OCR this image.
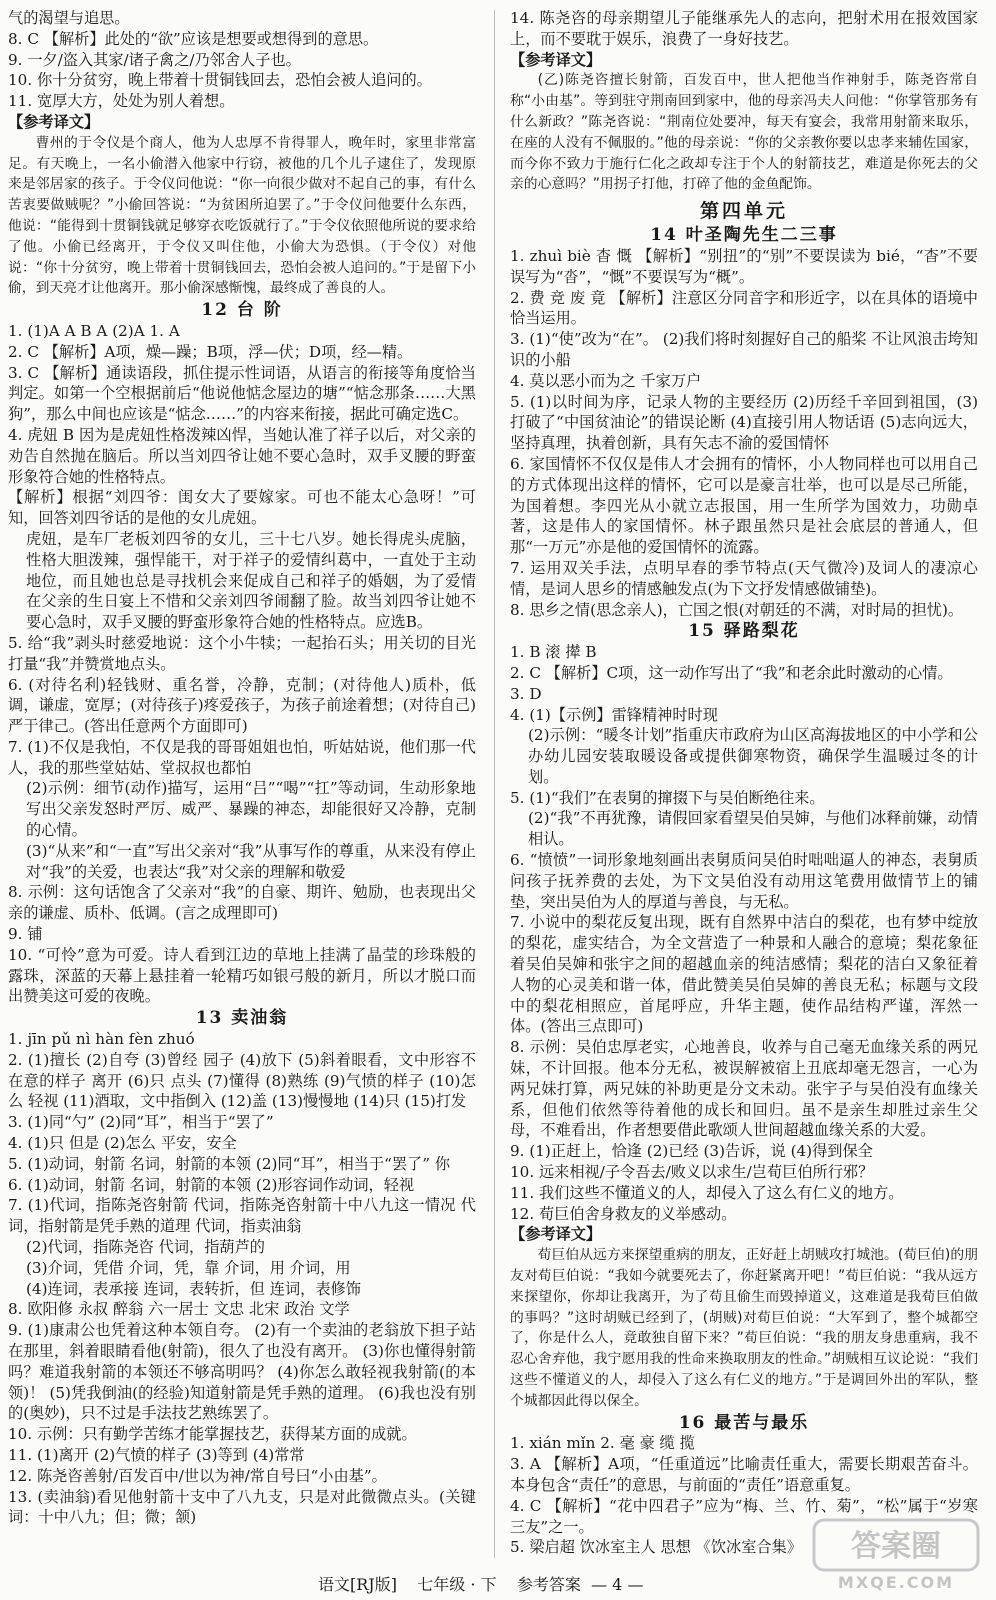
气的渴望与追思。

8. C 【解析】此处的“欲”应该是想要或想得到的意思。

9. 一夕/盗入其家/诸子禽之/乃邻舍人子也。

10. 你十分贫穷，晚上带着十贯铜钱回去，恐怕会被人追问的。

11. 宽厚大方，处处为别人着想。

【参考译文】

曹州的于令仪是个商人，他为人忠厚不肯得罪人，晚年时，家里非常富足。有天晚上，一名小偷潜入他家中行窃，被他的几个儿子逮住了，发现原来是邻居家的孩子。于令仪问他说：“你一向很少做对不起自己的事，有什么苦衷要做贼呢？”小偷回答说：“为贫困所迫罢了。”于令仪问他要什么东西，他说：“能得到十贯铜钱就足够穿衣吃饭就行了。”于令仪依照他所说的要求给了他。小偷已经离开，于令仪又叫住他，小偷大为恐惧。（于令仪）对他说：“你十分贫穷，晚上带着十贯铜钱回去，恐怕会被人追问的。”于是留下小偷，到天亮才让他离开。那小偷深感惭愧，最终成了善良的人。

12 台 阶

1. (1)A A B A (2)A 1. A

2. C 【解析】A项，燥—躁；B项，浮—伏；D项，经—精。

3. C 【解析】通读语段，抓住提示性词语，从语言的衔接等角度恰当判定。如第一个空根据前后“他说他惦念屋边的塘”“惦念那条……大黑狗”，那么中间也应该是“惦念……”的内容来衔接，据此可确定选C。

4. 虎妞 B 因为是虎妞性格泼辣凶悍，当她认准了祥子以后，对父亲的劝告自然抛在脑后。所以当刘四爷让她不要心急时，双手叉腰的野蛮形象符合她的性格特点。

【解析】根据“刘四爷：闺女大了要嫁家。可也不能太心急呀！”可知，回答刘四爷话的是他的女儿虎妞。

虎妞，是车厂老板刘四爷的女儿，三十七八岁。她长得虎头虎脑，性格大胆泼辣，强悍能干，对于祥子的爱情纠葛中，一直处于主动地位，而且她也总是寻找机会来促成自己和祥子的婚姻，为了爱情在父亲的生日宴上不惜和父亲刘四爷闹翻了脸。故当刘四爷让她不要心急时，双手叉腰的野蛮形象符合她的性格特点。应选B。

5. 给“我”剥头时慈爱地说：这个小牛犊；一起抬石头；用关切的目光打量“我”并赞赏地点头。

6. (对待名利)轻钱财、重名誉，冷静，克制；(对待他人)质朴，低调，谦虚，宽厚；(对待孩子)疼爱孩子，为孩子前途着想；(对待自己)严于律己。(答出任意两个方面即可)

7. (1)不仅是我怕，不仅是我的哥哥姐姐也怕，听姑姑说，他们那一代人，我的那些堂姑姑、堂叔叔也都怕

(2)示例：细节(动作)描写，运用“吕”“喝”“扛”等动词，生动形象地写出父亲发怒时严厉、威严、暴躁的神态，却能很好又冷静，克制的心情。

(3)“从来”和“一直”写出父亲对“我”从事写作的尊重，从来没有停止对“我”的关爱，也表达“我”对父亲的理解和敬爱

8. 示例：这句话饱含了父亲对“我”的自豪、期许、勉励，也表现出父亲的谦虚、质朴、低调。(言之成理即可)

9. 铺

10. “可怜”意为可爱。诗人看到江边的草地上挂满了晶莹的珍珠般的露珠，深蓝的天幕上悬挂着一轮精巧如银弓般的新月，所以才脱口而出赞美这可爱的夜晚。

13 卖油翁

1. jīn pǔ nì hàn fèn zhuó

2. (1)擅长 (2)自夸 (3)曾经 园子 (4)放下 (5)斜着眼看，文中形容不在意的样子 离开 (6)只 点头 (7)懂得 (8)熟练 (9)气愤的样子 (10)怎么 轻视 (11)酒取，文中指倒入 (12)盖 (13)慢慢地 (14)只 (15)打发

3. (1)同“勺” (2)同“耳”，相当于“罢了”

4. (1)只 但是 (2)怎么 平安，安全

5. (1)动词，射箭 名词，射箭的本领 (2)同“耳”，相当于“罢了” 你

6. (1)动词，射箭 名词，射箭的本领 (2)形容词作动词，轻视

7. (1)代词，指陈尧咨射箭 代词，指陈尧咨射箭十中八九这一情况 代词，指射箭是凭手熟的道理 代词，指卖油翁

(2)代词，指陈尧咨 代词，指葫芦的

(3)介词，凭借 介词，凭，靠 介词，用 介词，用

(4)连词，表承接 连词，表转折，但 连词，表修饰

8. 欧阳修 永叔 醉翁 六一居士 文忠 北宋 政治 文学

9. (1)康肃公也凭着这种本领自夸。 (2)有一个卖油的老翁放下担子站在那里，斜着眼睛看他(射箭)，很久了也没有离开。 (3)你也懂得射箭吗？难道我射箭的本领还不够高明吗？ (4)你怎么敢轻视我射箭(的本领)！ (5)凭我倒油(的经验)知道射箭是凭手熟的道理。 (6)我也没有别的(奥妙)，只不过是手法技艺熟练罢了。

10. 示例：只有勤学苦练才能掌握技艺，获得某方面的成就。

11. (1)离开 (2)气愤的样子 (3)等到 (4)常常

12. 陈尧咨善射/百发百中/世以为神/常自号曰“小由基”。

13. (卖油翁)看见他射箭十支中了八九支，只是对此微微点头。(关键词：十中八九；但；微；颔)

14. 陈尧咨的母亲期望儿子能继承先人的志向，把射术用在报效国家上，而不要耽于娱乐，浪费了一身好技艺。

【参考译文】

(乙)陈尧咨擅长射箭，百发百中，世人把他当作神射手，陈尧咨常自称“小由基”。等到驻守荆南回到家中，他的母亲冯夫人问他：“你掌管那务有什么新政？”陈尧咨说：“荆南位处要冲，每天有宴会，我常用射箭来取乐，在座的人没有不佩服的。”他的母亲说：“你的父亲教你要以忠孝来辅佐国家，而今你不致力于施行仁化之政却专注于个人的射箭技艺，难道是你死去的父亲的心意吗？”用拐子打他，打碎了他的金鱼配饰。

第四单元
14 叶圣陶先生二三事

1. zhuì biè 杳 慨 【解析】“别扭”的“别”不要误读为 bié，“杳”不要误写为“沓”，“慨”不要误写为“概”。

2. 费 竞 废 竟 【解析】注意区分同音字和形近字，以在具体的语境中恰当运用。

3. (1)“使”改为“在”。 (2)我们将时刻握好自己的船桨 不让风浪击垮知识的小船

4. 莫以恶小而为之 千家万户

5. (1)以时间为序，记录人物的主要经历 (2)历经千辛回到祖国，(3)打破了“中国贫油论”的错误论断 (4)直接引用人物话语 (5)志向远大，坚持真理，执着创新，具有矢志不渝的爱国情怀

6. 家国情怀不仅仅是伟人才会拥有的情怀，小人物同样也可以用自己的方式体现出这样的情怀，它可以是豪言壮举，也可以是尽己所能，为国着想。李四光从小就立志报国，用一生所学为国效力，功勋卓著，这是伟人的家国情怀。林子跟虽然只是社会底层的普通人，但那“一万元”亦是他的爱国情怀的流露。

7. 运用双关手法，点明早春的季节特点(天气微冷)及词人的凄凉心情，是词人思乡的情感触发点(为下文抒发情感做铺垫)。

8. 思乡之情(思念亲人)，亡国之恨(对朝廷的不满，对时局的担忧)。

15 驿路梨花

1. B 滚 撵 B

2. C 【解析】C项，这一动作写出了“我”和老余此时激动的心情。

3. D

4. (1)【示例】雷锋精神时时现

(2)示例：“暖冬计划”指重庆市政府为山区高海拔地区的中小学和公办幼儿园安装取暖设备或提供御寒物资，确保学生温暖过冬的计划。

5. (1)“我们”在表舅的撺掇下与吴伯断绝往来。

(2)“我”不再犹豫，请假回家看望吴伯吴婶，与他们冰释前嫌，动情相认。

6. “愤愤”一词形象地刻画出表舅质问吴伯时咄咄逼人的神态，表舅质问孩子抚养费的去处，为下文吴伯没有动用这笔费用做情节上的铺垫，突出吴伯为人的厚道与善良，与无私。

7. 小说中的梨花反复出现，既有自然界中洁白的梨花，也有梦中绽放的梨花，虚实结合，为全文营造了一种景和人融合的意境；梨花象征着吴伯吴婶和张宇之间的超越血亲的纯洁感情；梨花的洁白又象征着人物的心灵美和谐一体，借此赞美吴伯吴婶的善良无私；标题与文段中的梨花相照应，首尾呼应，升华主题，使作品结构严谨，浑然一体。(答出三点即可)

8. 示例：吴伯忠厚老实，心地善良，收养与自己毫无血缘关系的两兄妹，不计回报。他本分无私，被误解被宿上丑底却毫无怨言，一心为两兄妹打算，两兄妹的补助更是分文未动。张宇子与吴伯没有血缘关系，但他们依然等待着他的成长和回归。虽不是亲生却胜过亲生父母，不难看出，作者想要借此歌颂人世间超越血缘关系的大爱。

9. (1)正赶上，恰逢 (2)已经 (3)告诉，说 (4)得到保全

10. 远来相视/子令吾去/败义以求生/岂荀巨伯所行邪？

11. 我们这些不懂道义的人，却侵入了这么有仁义的地方。

12. 荀巨伯舍身救友的义举感动。

【参考译文】

荀巨伯从远方来探望重病的朋友，正好赶上胡贼攻打城池。(荀巨伯)的朋友对荀巨伯说：“我如今就要死去了，你赶紧离开吧！”荀巨伯说：“我从远方来探望你，你却让我离开，为了苟且偷生而毁掉道义，这难道是我荀巨伯做的事吗？”这时胡贼已经到了，(胡贼)对荀巨伯说：“大军到了，整个城都空了，你是什么人，竟敢独自留下来？”荀巨伯说：“我的朋友身患重病，我不忍心舍弃他，我宁愿用我的性命来换取朋友的性命。”胡贼相互议论说：“我们这些不懂道义的人，却侵入了这么有仁义的地方。”于是调回外出的军队，整个城都因此得以保全。

16 最苦与最乐

1. xián mǐn 2. 毫 豪 缆 揽

3. A 【解析】A项，“任重道远”比喻责任重大，需要长期艰苦奋斗。本身包含“责任”的意思，与前面的“责任”语意重复。

4. C 【解析】“花中四君子”应为“梅、兰、竹、菊”，“松”属于“岁寒三友”之一。

5. 梁启超 饮冰室主人 思想 《饮冰室合集》

语文[RJ版] 七年级 · 下 参考答案 — 4 —
答案圈
MXQE.COM
